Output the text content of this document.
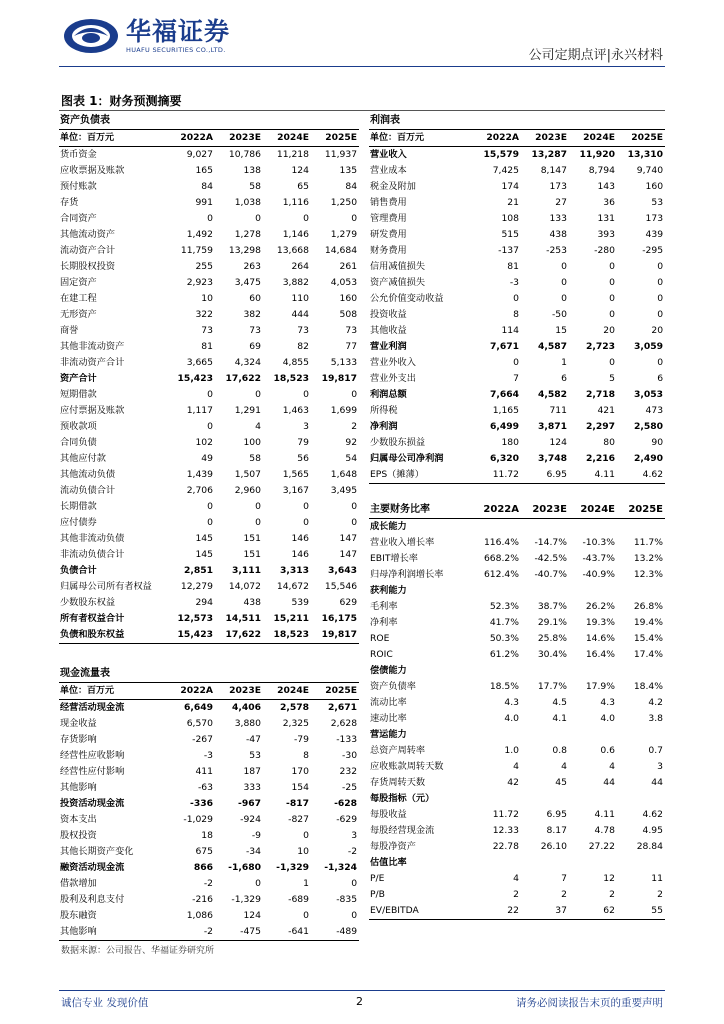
华福证券
HUAFU SECURITIES CO.,LTD.	公司定期点评|永兴材料
图表 1：财务预测摘要
资产负债表				
单位：百万元	2022A	2023E	2024E	2025E
货币资金	9,027	10,786	11,218	11,937
应收票据及账款	165	138	124	135
预付账款	84	58	65	84
存货	991	1,038	1,116	1,250
合同资产	0	0	0	0
其他流动资产	1,492	1,278	1,146	1,279
流动资产合计	11,759	13,298	13,668	14,684
长期股权投资	255	263	264	261
固定资产	2,923	3,475	3,882	4,053
在建工程	10	60	110	160
无形资产	322	382	444	508
商誉	73	73	73	73
其他非流动资产	81	69	82	77
非流动资产合计	3,665	4,324	4,855	5,133
资产合计	15,423	17,622	18,523	19,817
短期借款	0	0	0	0
应付票据及账款	1,117	1,291	1,463	1,699
预收款项	0	4	3	2
合同负债	102	100	79	92
其他应付款	49	58	56	54
其他流动负债	1,439	1,507	1,565	1,648
流动负债合计	2,706	2,960	3,167	3,495
长期借款	0	0	0	0
应付债券	0	0	0	0
其他非流动负债	145	151	146	147
非流动负债合计	145	151	146	147
负债合计	2,851	3,111	3,313	3,643
归属母公司所有者权益	12,279	14,072	14,672	15,546
少数股东权益	294	438	539	629
所有者权益合计	12,573	14,511	15,211	16,175
负债和股东权益	15,423	17,622	18,523	19,817
利润表				
单位：百万元	2022A	2023E	2024E	2025E
营业收入	15,579	13,287	11,920	13,310
营业成本	7,425	8,147	8,794	9,740
税金及附加	174	173	143	160
销售费用	21	27	36	53
管理费用	108	133	131	173
研发费用	515	438	393	439
财务费用	-137	-253	-280	-295
信用减值损失	81	0	0	0
资产减值损失	-3	0	0	0
公允价值变动收益	0	0	0	0
投资收益	8	-50	0	0
其他收益	114	15	20	20
营业利润	7,671	4,587	2,723	3,059
营业外收入	0	1	0	0
营业外支出	7	6	5	6
利润总额	7,664	4,582	2,718	3,053
所得税	1,165	711	421	473
净利润	6,499	3,871	2,297	2,580
少数股东损益	180	124	80	90
归属母公司净利润	6,320	3,748	2,216	2,490
EPS（摊薄）	11.72	6.95	4.11	4.62
现金流量表				
单位：百万元	2022A	2023E	2024E	2025E
经营活动现金流	6,649	4,406	2,578	2,671
现金收益	6,570	3,880	2,325	2,628
存货影响	-267	-47	-79	-133
经营性应收影响	-3	53	8	-30
经营性应付影响	411	187	170	232
其他影响	-63	333	154	-25
投资活动现金流	-336	-967	-817	-628
资本支出	-1,029	-924	-827	-629
股权投资	18	-9	0	3
其他长期资产变化	675	-34	10	-2
融资活动现金流	866	-1,680	-1,329	-1,324
借款增加	-2	0	1	0
股利及利息支付	-216	-1,329	-689	-835
股东融资	1,086	124	0	0
其他影响	-2	-475	-641	-489
主要财务比率	2022A	2023E	2024E	2025E
成长能力				
营业收入增长率	116.4%	-14.7%	-10.3%	11.7%
EBIT增长率	668.2%	-42.5%	-43.7%	13.2%
归母净利润增长率	612.4%	-40.7%	-40.9%	12.3%
获利能力				
毛利率	52.3%	38.7%	26.2%	26.8%
净利率	41.7%	29.1%	19.3%	19.4%
ROE	50.3%	25.8%	14.6%	15.4%
ROIC	61.2%	30.4%	16.4%	17.4%
偿债能力				
资产负债率	18.5%	17.7%	17.9%	18.4%
流动比率	4.3	4.5	4.3	4.2
速动比率	4.0	4.1	4.0	3.8
营运能力				
总资产周转率	1.0	0.8	0.6	0.7
应收账款周转天数	4	4	4	3
存货周转天数	42	45	44	44
每股指标（元）				
每股收益	11.72	6.95	4.11	4.62
每股经营现金流	12.33	8.17	4.78	4.95
每股净资产	22.78	26.10	27.22	28.84
估值比率				
P/E	4	7	12	11
P/B	2	2	2	2
EV/EBITDA	22	37	62	55
数据来源：公司报告、华福证券研究所
诚信专业 发现价值	2	请务必阅读报告末页的重要声明
